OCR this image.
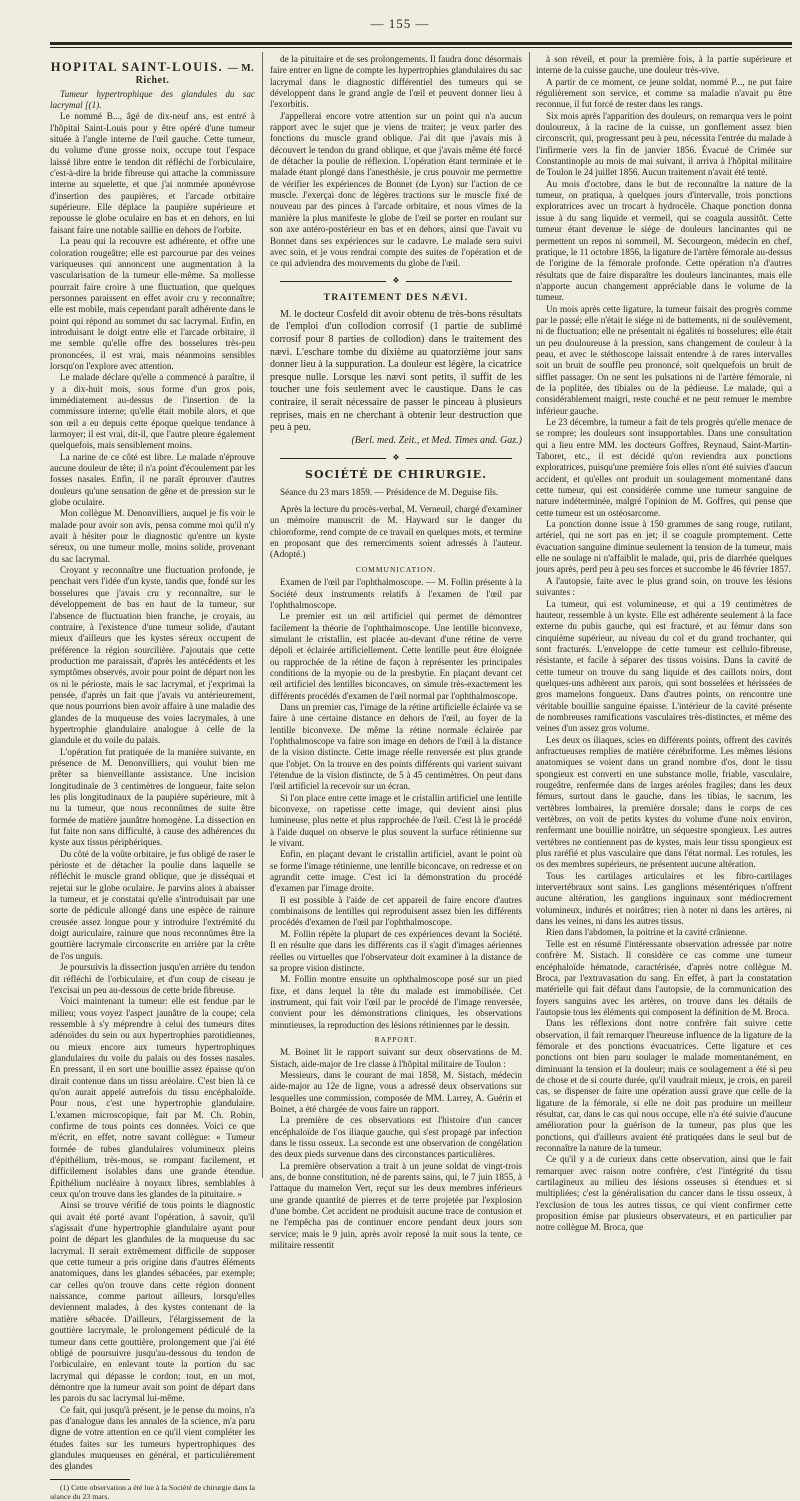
— 155 —

HOPITAL SAINT-LOUIS. — M. Richet.

Tumeur hypertrophique des glandules du sac lacrymal [(1).

Le nommé B..., âgé de dix-neuf ans, est entré à l'hôpital Saint-Louis pour y être opéré d'une tumeur située à l'angle interne de l'œil gauche. Cette tumeur, du volume d'une grosse noix, occupe tout l'espace laissé libre entre le tendon dit réfléchi de l'orbiculaire, c'est-à-dire la bride fibreuse qui attache la commissure interne au squelette, et que j'ai nommée aponévrose d'insertion des paupières, et l'arcade orbitaire supérieure. Elle déplace la paupière supérieure et repousse le globe oculaire en bas et en dehors, en lui faisant faire une notable saillie en dehors de l'orbite.

La peau qui la recouvre est adhérente, et offre une coloration rougeâtre; elle est parcourue par des veines variqueuses qui annoncent une augmentation à la vascularisation de la tumeur elle-même. Sa mollesse pourrait faire croire à une fluctuation, que quelques personnes paraissent en effet avoir cru y reconnaître; elle est mobile, mais cependant paraît adhérente dans le point qui répond au sommet du sac lacrymal. Enfin, en introduisant le doigt entre elle et l'arcade orbitaire, il me semble qu'elle offre des bosselures très-peu prononcées, il est vrai, mais néanmoins sensibles lorsqu'on l'explore avec attention.

Le malade déclare qu'elle a commencé à paraître, il y a dix-huit mois, sous forme d'un gros pois, immédiatement au-dessus de l'insertion de la commissure interne; qu'elle était mobile alors, et que son œil a eu depuis cette époque quelque tendance à larmoyer; il est vrai, dit-il, que l'autre pleure également quelquefois, mais sensiblement moins.

La narine de ce côté est libre. Le malade n'éprouve aucune douleur de tête; il n'a point d'écoulement par les fosses nasales. Enfin, il ne paraît éprouver d'autres douleurs qu'une sensation de gêne et de pression sur le globe oculaire.

Mon collègue M. Denonvilliers, auquel je fis voir le malade pour avoir son avis, pensa comme moi qu'il n'y avait à hésiter pour le diagnostic qu'entre un kyste séreux, ou une tumeur molle, moins solide, provenant du sac lacrymal.

Croyant y reconnaître une fluctuation profonde, je penchait vers l'idée d'un kyste, tandis que, fondé sur les bosselures que j'avais cru y reconnaître, sur le développement de bas en haut de la tumeur, sur l'absence de fluctuation bien franche, je croyais, au contraire, à l'existence d'une tumeur solide, d'autant mieux d'ailleurs que les kystes séreux occupent de préférence la région sourcilière. J'ajoutais que cette production me paraissait, d'après les antécédents et les symptômes observés, avoir pour point de départ non les os ni le périoste, mais le sac lacrymal, et j'exprimai la pensée, d'après un fait que j'avais vu antérieurement, que nous pourrions bien avoir affaire à une maladie des glandes de la muqueuse des voies lacrymales, à une hypertrophie glandulaire analogue à celle de la glandule et du voile du palais.

L'opération fut pratiquée de la manière suivante, en présence de M. Denonvilliers, qui voulut bien me prêter sa bienveillante assistance. Une incision longitudinale de 3 centimètres de longueur, faite selon les plis longitudinaux de la paupière supérieure, mit à nu la tumeur, que nous reconnûmes de suite être formée de matière jaunâtre homogène. La dissection en fut faite non sans difficulté, à cause des adhérences du kyste aux tissus périphériques.

Du côté de la voûte orbitaire, je fus obligé de raser le périoste et de détacher la poulie dans laquelle se réfléchit le muscle grand oblique, que je disséquai et rejetai sur le globe oculaire. Je parvins alors à abaisser la tumeur, et je constatai qu'elle s'introduisait par une sorte de pédicule allongé dans une espèce de rainure creusée assez longue pour y introduire l'extrémité du doigt auriculaire, rainure que nous reconnûmes être la gouttière lacrymale circonscrite en arrière par la crête de l'os unguis.

Je poursuivis la dissection jusqu'en arrière du tendon dit réfléchi de l'orbiculaire, et d'un coup de ciseau je l'excisai un peu au-dessous de cette bride fibreuse.

Voici maintenant la tumeur: elle est fendue par le milieu; vous voyez l'aspect jaunâtre de la coupe; cela ressemble à s'y méprendre à celui des tumeurs dites adénoïdes du sein ou aux hypertrophies parotidiennes, ou mieux encore aux tumeurs hypertrophiques glandulaires du voile du palais ou des fosses nasales. En pressant, il en sort une bouillie assez épaisse qu'on dirait contenue dans un tissu aréolaire. C'est bien là ce qu'on aurait appelé autrefois du tissu encéphaloïde. Pour nous, c'est une hypertrophie glandulaire. L'examen microscopique, fait par M. Ch. Robin, confirme de tous points ces données. Voici ce que m'écrit, en effet, notre savant collègue: « Tumeur formée de tubes glandulaires volumineux pleins d'épithélium, très-mous, se rompant facilement, et difficilement isolables dans une grande étendue. Épithélium nucléaire à noyaux libres, semblables à ceux qu'on trouve dans les glandes de la pituitaire. »

Ainsi se trouve vérifié de tous points le diagnostic qui avait été porté avant l'opération, à savoir, qu'il s'agissait d'une hypertrophie glandulaire ayant pour point de départ les glandules de la muqueuse du sac lacrymal. Il serait extrêmement difficile de supposer que cette tumeur a pris origine dans d'autres éléments anatomiques, dans les glandes sébacées, par exemple; car celles qu'on trouve dans cette région donnent naissance, comme partout ailleurs, lorsqu'elles deviennent malades, à des kystes contenant de la matière sébacée. D'ailleurs, l'élargissement de la gouttière lacrymale, le prolongement pédiculé de la tumeur dans cette gouttière, prolongement que j'ai été obligé de poursuivre jusqu'au-dessous du tendon de l'orbiculaire, en enlevant toute la portion du sac lacrymal qui dépasse le cordon; tout, en un mot, démontre que la tumeur avait son point de départ dans les parois du sac lacrymal lui-même.

Ce fait, qui jusqu'à présent, je le pense du moins, n'a pas d'analogue dans les annales de la science, m'a paru digne de votre attention en ce qu'il vient compléter les études faites sur les tumeurs hypertrophiques des glandules muqueuses en général, et particulièrement des glandes

(1) Cette observation a été lue à la Société de chirurgie dans la séance du 23 mars.

de la pituitaire et de ses prolongements. Il faudra donc désormais faire entrer en ligne de compte les hypertrophies glandulaires du sac lacrymal dans le diagnostic différentiel des tumeurs qui se développent dans le grand angle de l'œil et peuvent donner lieu à l'exorbitis.

J'appellerai encore votre attention sur un point qui n'a aucun rapport avec le sujet que je viens de traiter; je veux parler des fonctions du muscle grand oblique. J'ai dit que j'avais mis à découvert le tendon du grand oblique, et que j'avais même été forcé de détacher la poulie de réflexion. L'opération étant terminée et le malade étant plongé dans l'anesthésie, je crus pouvoir me permettre de vérifier les expériences de Bonnet (de Lyon) sur l'action de ce muscle. J'exerçai donc de légères tractions sur le muscle fixé de nouveau par des pinces à l'arcade orbitaire, et nous vîmes de la manière la plus manifeste le globe de l'œil se porter en roulant sur son axe antéro-postérieur en bas et en dehors, ainsi que l'avait vu Bonnet dans ses expériences sur le cadavre. Le malade sera suivi avec soin, et je vous rendrai compte des suites de l'opération et de ce qui adviendra des mouvements du globe de l'œil.

❖

TRAITEMENT DES NÆVI.

M. le docteur Cosfeld dit avoir obtenu de très-bons résultats de l'emploi d'un collodion corrosif (1 partie de sublimé corrosif pour 8 parties de collodion) dans le traitement des nævi. L'eschare tombe du dixième au quatorzième jour sans donner lieu à la suppuration. La douleur est légère, la cicatrice presque nulle. Lorsque les nævi sont petits, il suffit de les toucher une fois seulement avec le caustique. Dans le cas contraire, il serait nécessaire de passer le pinceau à plusieurs reprises, mais en ne cherchant à obtenir leur destruction que peu à peu.

(Berl. med. Zeit., et Med. Times and. Gaz.)

❖

SOCIÉTÉ DE CHIRURGIE.

Séance du 23 mars 1859. — Présidence de M. Deguise fils.

Après la lecture du procès-verbal, M. Verneuil, chargé d'examiner un mémoire manuscrit de M. Hayward sur le danger du chloroforme, rend compte de ce travail en quelques mots, et termine en proposant que des remerciments soient adressés à l'auteur. (Adopté.)

COMMUNICATION.

Examen de l'œil par l'ophthalmoscope. — M. Follin présente à la Société deux instruments relatifs à l'examen de l'œil par l'ophthalmoscope.

Le premier est un œil artificiel qui permet de démontrer facilement la théorie de l'ophthalmoscope. Une lentille biconvexe, simulant le cristallin, est placée au-devant d'une rétine de verre dépoli et éclairée artificiellement. Cette lentille peut être éloignée ou rapprochée de la rétine de façon à représenter les principales conditions de la myopie ou de la presbytie. En plaçant devant cet œil artificiel des lentilles biconcaves, on simule très-exactement les différents procédés d'examen de l'œil normal par l'ophthalmoscope.

Dans un premier cas, l'image de la rétine artificielle éclairée va se faire à une certaine distance en dehors de l'œil, au foyer de la lentille biconvexe. De même la rétine normale éclairée par l'ophthalmoscope va faire son image en dehors de l'œil à la distance de la vision distincte. Cette image réelle renversée est plus grande que l'objet. On la trouve en des points différents qui varient suivant l'étendue de la vision distincte, de 5 à 45 centimètres. On peut dans l'œil artificiel la recevoir sur un écran.

Si l'on place entre cette image et le cristallin artificiel une lentille biconvexe, on rapetisse cette image, qui devient ainsi plus lumineuse, plus nette et plus rapprochée de l'œil. C'est là le procédé à l'aide duquel on observe le plus souvent la surface rétinienne sur le vivant.

Enfin, en plaçant devant le cristallin artificiel, avant le point où se forme l'image rétinienne, une lentille biconcave, on redresse et on agrandit cette image. C'est ici la démonstration du procédé d'examen par l'image droite.

Il est possible à l'aide de cet appareil de faire encore d'autres combinaisons de lentilles qui reproduisent assez bien les différents procédés d'examen de l'œil par l'ophthalmoscope.

M. Follin répète la plupart de ces expériences devant la Société. Il en résulte que dans les différents cas il s'agit d'images aériennes réelles ou virtuelles que l'observateur doit examiner à la distance de sa propre vision distincte.

M. Follin montre ensuite un ophthalmoscope posé sur un pied fixe, et dans lequel la tête du malade est immobilisée. Cet instrument, qui fait voir l'œil par le procédé de l'image renversée, convient pour les démonstrations cliniques, les observations minutieuses, la reproduction des lésions rétiniennes par le dessin.

RAPPORT.

M. Boinet lit le rapport suivant sur deux observations de M. Sistach, aide-major de 1re classe à l'hôpital militaire de Toulon :

Messieurs, dans le courant de mai 1858, M. Sistach, médecin aide-major au 12e de ligne, vous a adressé deux observations sur lesquelles une commission, composée de MM. Larrey, A. Guérin et Boinet, a été chargée de vous faire un rapport.

La première de ces observations est l'histoire d'un cancer encéphaloïde de l'os iliaque gauche, qui s'est propagé par infection dans le tissu osseux. La seconde est une observation de congélation des deux pieds survenue dans des circonstances particulières.

La première observation a trait à un jeune soldat de vingt-trois ans, de bonne constitution, né de parents sains, qui, le 7 juin 1855, à l'attaque du mamelon Vert, reçut sur les deux membres inférieurs une grande quantité de pierres et de terre projetée par l'explosion d'une bombe. Cet accident ne produisit aucune trace de contusion et ne l'empêcha pas de continuer encore pendant deux jours son service; mais le 9 juin, après avoir reposé la nuit sous la tente, ce militaire ressentit

à son réveil, et pour la première fois, à la partie supérieure et interne de la cuisse gauche, une douleur très-vive.

A partir de ce moment, ce jeune soldat, nommé P..., ne put faire régulièrement son service, et comme sa maladie n'avait pu être reconnue, il fut forcé de rester dans les rangs.

Six mois après l'apparition des douleurs, on remarqua vers le point douloureux, à la racine de la cuisse, un gonflement assez bien circonscrit, qui, progressant peu à peu, nécessita l'entrée du malade à l'infirmerie vers la fin de janvier 1856. Évacué de Crimée sur Constantinople au mois de mai suivant, il arriva à l'hôpital militaire de Toulon le 24 juillet 1856. Aucun traitement n'avait été tenté.

Au mois d'octobre, dans le but de reconnaître la nature de la tumeur, on pratiqua, à quelques jours d'intervalle, trois ponctions exploratrices avec un trocart à hydrocèle. Chaque ponction donna issue à du sang liquide et vermeil, qui se coagula aussitôt. Cette tumeur étant devenue le siége de douleurs lancinantes qui ne permettent un repos ni sommeil, M. Secourgeon, médecin en chef, pratique, le 11 octobre 1856, la ligature de l'artère fémorale au-dessus de l'origine de la fémorale profonde. Cette opération n'a d'autres résultats que de faire disparaître les douleurs lancinantes, mais elle n'apporte aucun changement appréciable dans le volume de la tumeur.

Un mois après cette ligature, la tumeur faisait des progrès comme par le passé; elle n'était le siége ni de battements, ni de soulèvement, ni de fluctuation; elle ne présentait ni égalités ni bosselures; elle était un peu douloureuse à la pression, sans changement de couleur à la peau, et avec le stéthoscope laissait entendre à de rares intervalles soit un bruit de souffle peu prononcé, soit quelquefois un bruit de sifflet passager. On ne sent les pulsations ni de l'artère fémorale, ni de la poplitée, des tibiales ou de la pédieuse. Le malade, qui a considérablement maigri, reste couché et ne peut remuer le membre inférieur gauche.

Le 23 décembre, la tumeur a fait de tels progrès qu'elle menace de se rompre; les douleurs sont insupportables. Dans une consultation qui a lieu entre MM. les docteurs Goffres, Reynaud, Saint-Martin-Taboret, etc., il est décidé qu'on reviendra aux ponctions exploratrices, puisqu'une première fois elles n'ont été suivies d'aucun accident, et qu'elles ont produit un soulagement momentané dans cette tumeur, qui est considérée comme une tumeur sanguine de nature indéterminée, malgré l'opinion de M. Goffres, qui pense que cette tumeur est un ostéosarcome.

La ponction donne issue à 150 grammes de sang rouge, rutilant, artériel, qui ne sort pas en jet; il se coagule promptement. Cette évacuation sanguine diminue seulement la tension de la tumeur, mais elle ne soulage ni n'affaiblit le malade, qui, pris de diarrhée quelques jours après, perd peu à peu ses forces et succombe le 46 février 1857.

A l'autopsie, faite avec le plus grand soin, on trouve les lésions suivantes :

La tumeur, qui est volumineuse, et qui a 19 centimètres de hauteur, ressemble à un kyste. Elle est adhérente seulement à la face externe du pubis gauche, qui est fracturé, et au fémur dans son cinquième supérieur, au niveau du col et du grand trochanter, qui sont fracturés. L'enveloppe de cette tumeur est cellulo-fibreuse, résistante, et facile à séparer des tissus voisins. Dans la cavité de cette tumeur on trouve du sang liquide et des caillots noirs, dont quelques-uns adhèrent aux parois, qui sont bosselées et hérissées de gros mamelons fongueux. Dans d'autres points, on rencontre une véritable bouillie sanguine épaisse. L'intérieur de la cavité présente de nombreuses ramifications vasculaires très-distinctes, et même des veines d'un assez gros volume.

Les deux os iliaques, scies en différents points, offrent des cavités anfractueuses remplies de matière cérébriforme. Les mêmes lésions anatomiques se voient dans un grand nombre d'os, dont le tissu spongieux est converti en une substance molle, friable, vasculaire, rougeâtre, renfermée dans de larges aréoles fragiles; dans les deux fémurs, surtout dans le gauche, dans les tibias, le sacrum, les vertèbres lombaires, la première dorsale; dans le corps de ces vertèbres, on voit de petits kystes du volume d'une noix environ, renfermant une bouillie noirâtre, un séquestre spongieux. Les autres vertèbres ne contiennent pas de kystes, mais leur tissu spongieux est plus raréfié et plus vasculaire que dans l'état normal. Les rotules, les os des membres supérieurs, ne présentent aucune altération.

Tous les cartilages articulaires et les fibro-cartilages intervertébraux sont sains. Les ganglions mésentériques n'offrent aucune altération, les ganglions inguinaux sont médiocrement volumineux, indurés et noirâtres; rien à noter ni dans les artères, ni dans les veines, ni dans les autres tissus.

Rien dans l'abdomen, la poitrine et la cavité crânienne.

Telle est en résumé l'intéressante observation adressée par notre confrère M. Sistach. Il considère ce cas comme une tumeur encéphaloïde hématode, caractérisée, d'après notre collègue M. Broca, par l'extravasation du sang. En effet, à part la constatation matérielle qui fait défaut dans l'autopsie, de la communication des foyers sanguins avec les artères, on trouve dans les détails de l'autopsie tous les éléments qui composent la définition de M. Broca.

Dans les réflexions dont notre confrère fait suivre cette observation, il fait remarquer l'heureuse influence de la ligature de la fémorale et des ponctions évacuatrices. Cette ligature et ces ponctions ont bien paru soulager le malade momentanément, en diminuant la tension et la douleur; mais ce soulagement a été si peu de chose et de si courte durée, qu'il vaudrait mieux, je crois, en pareil cas, se dispenser de faire une opération aussi grave que celle de la ligature de la fémorale, si elle ne doit pas produire un meilleur résultat, car, dans le cas qui nous occupe, elle n'a été suivie d'aucune amélioration pour la guérison de la tumeur, pas plus que les ponctions, qui d'ailleurs avaient été pratiquées dans le seul but de reconnaître la nature de la tumeur.

Ce qu'il y a de curieux dans cette observation, ainsi que le fait remarquer avec raison notre confrère, c'est l'intégrité du tissu cartilagineux au milieu des lésions osseuses si étendues et si multipliées; c'est la généralisation du cancer dans le tissu osseux, à l'exclusion de tous les autres tissus, ce qui vient confirmer cette proposition émise par plusieurs observateurs, et en particulier par notre collègue M. Broca, que
